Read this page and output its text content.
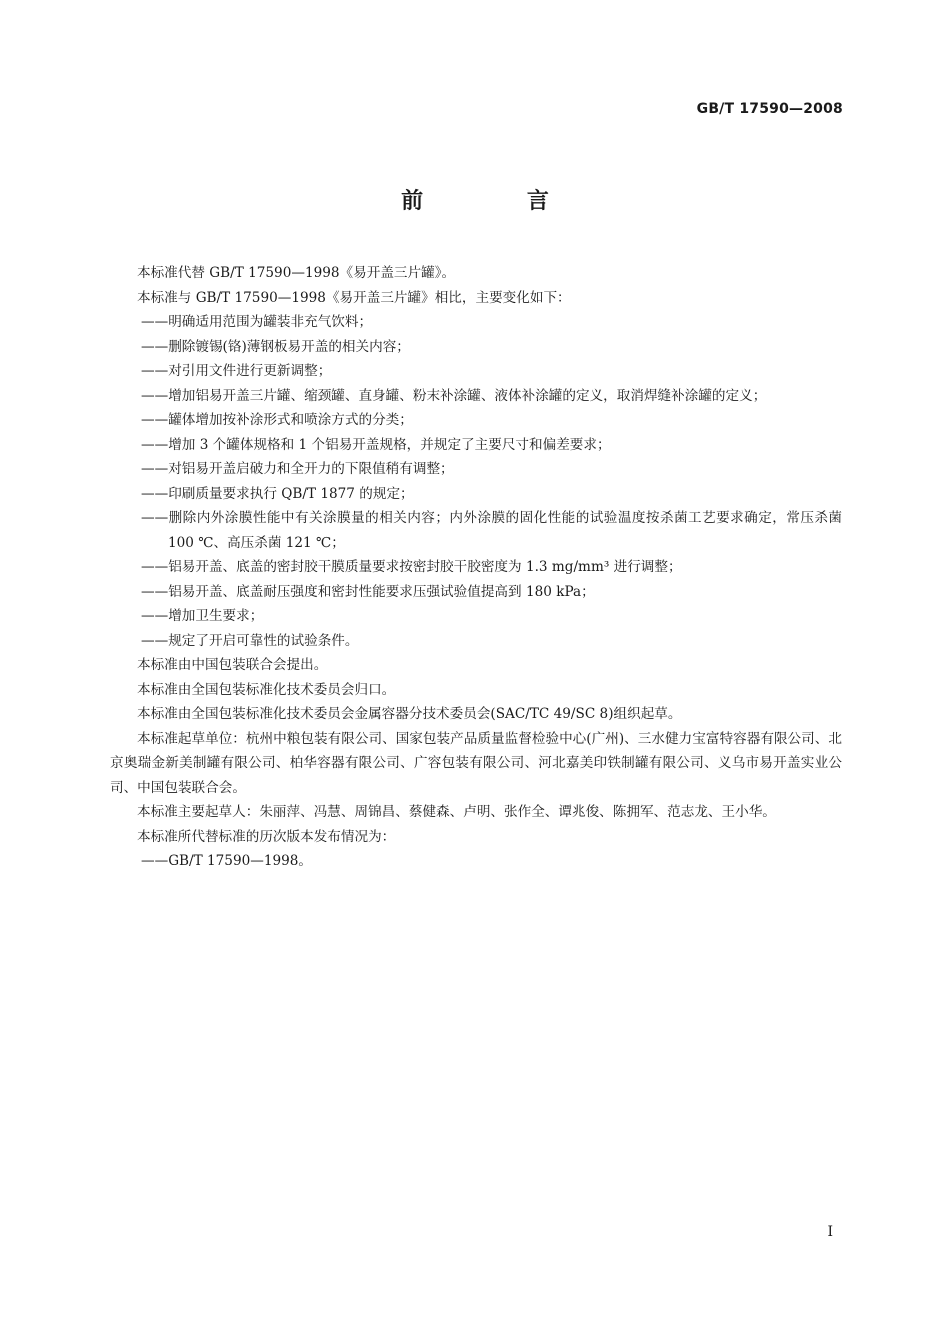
GB/T 17590—2008
前 言

本标准代替 GB/T 17590—1998《易开盖三片罐》。

本标准与 GB/T 17590—1998《易开盖三片罐》相比，主要变化如下：

——明确适用范围为罐装非充气饮料；

——删除镀锡(铬)薄钢板易开盖的相关内容；

——对引用文件进行更新调整；

——增加铝易开盖三片罐、缩颈罐、直身罐、粉末补涂罐、液体补涂罐的定义，取消焊缝补涂罐的定义；

——罐体增加按补涂形式和喷涂方式的分类；

——增加 3 个罐体规格和 1 个铝易开盖规格，并规定了主要尺寸和偏差要求；

——对铝易开盖启破力和全开力的下限值稍有调整；

——印刷质量要求执行 QB/T 1877 的规定；

——删除内外涂膜性能中有关涂膜量的相关内容；内外涂膜的固化性能的试验温度按杀菌工艺要求确定，常压杀菌 100 ℃、高压杀菌 121 ℃；

——铝易开盖、底盖的密封胶干膜质量要求按密封胶干胶密度为 1.3 mg/mm³ 进行调整；

——铝易开盖、底盖耐压强度和密封性能要求压强试验值提高到 180 kPa；

——增加卫生要求；

——规定了开启可靠性的试验条件。

本标准由中国包装联合会提出。

本标准由全国包装标准化技术委员会归口。

本标准由全国包装标准化技术委员会金属容器分技术委员会(SAC/TC 49/SC 8)组织起草。

本标准起草单位：杭州中粮包装有限公司、国家包装产品质量监督检验中心(广州)、三水健力宝富特容器有限公司、北京奥瑞金新美制罐有限公司、柏华容器有限公司、广容包装有限公司、河北嘉美印铁制罐有限公司、义乌市易开盖实业公司、中国包装联合会。

本标准主要起草人：朱丽萍、冯慧、周锦昌、蔡健森、卢明、张作全、谭兆俊、陈拥军、范志龙、王小华。

本标准所代替标准的历次版本发布情况为：

——GB/T 17590—1998。

I
